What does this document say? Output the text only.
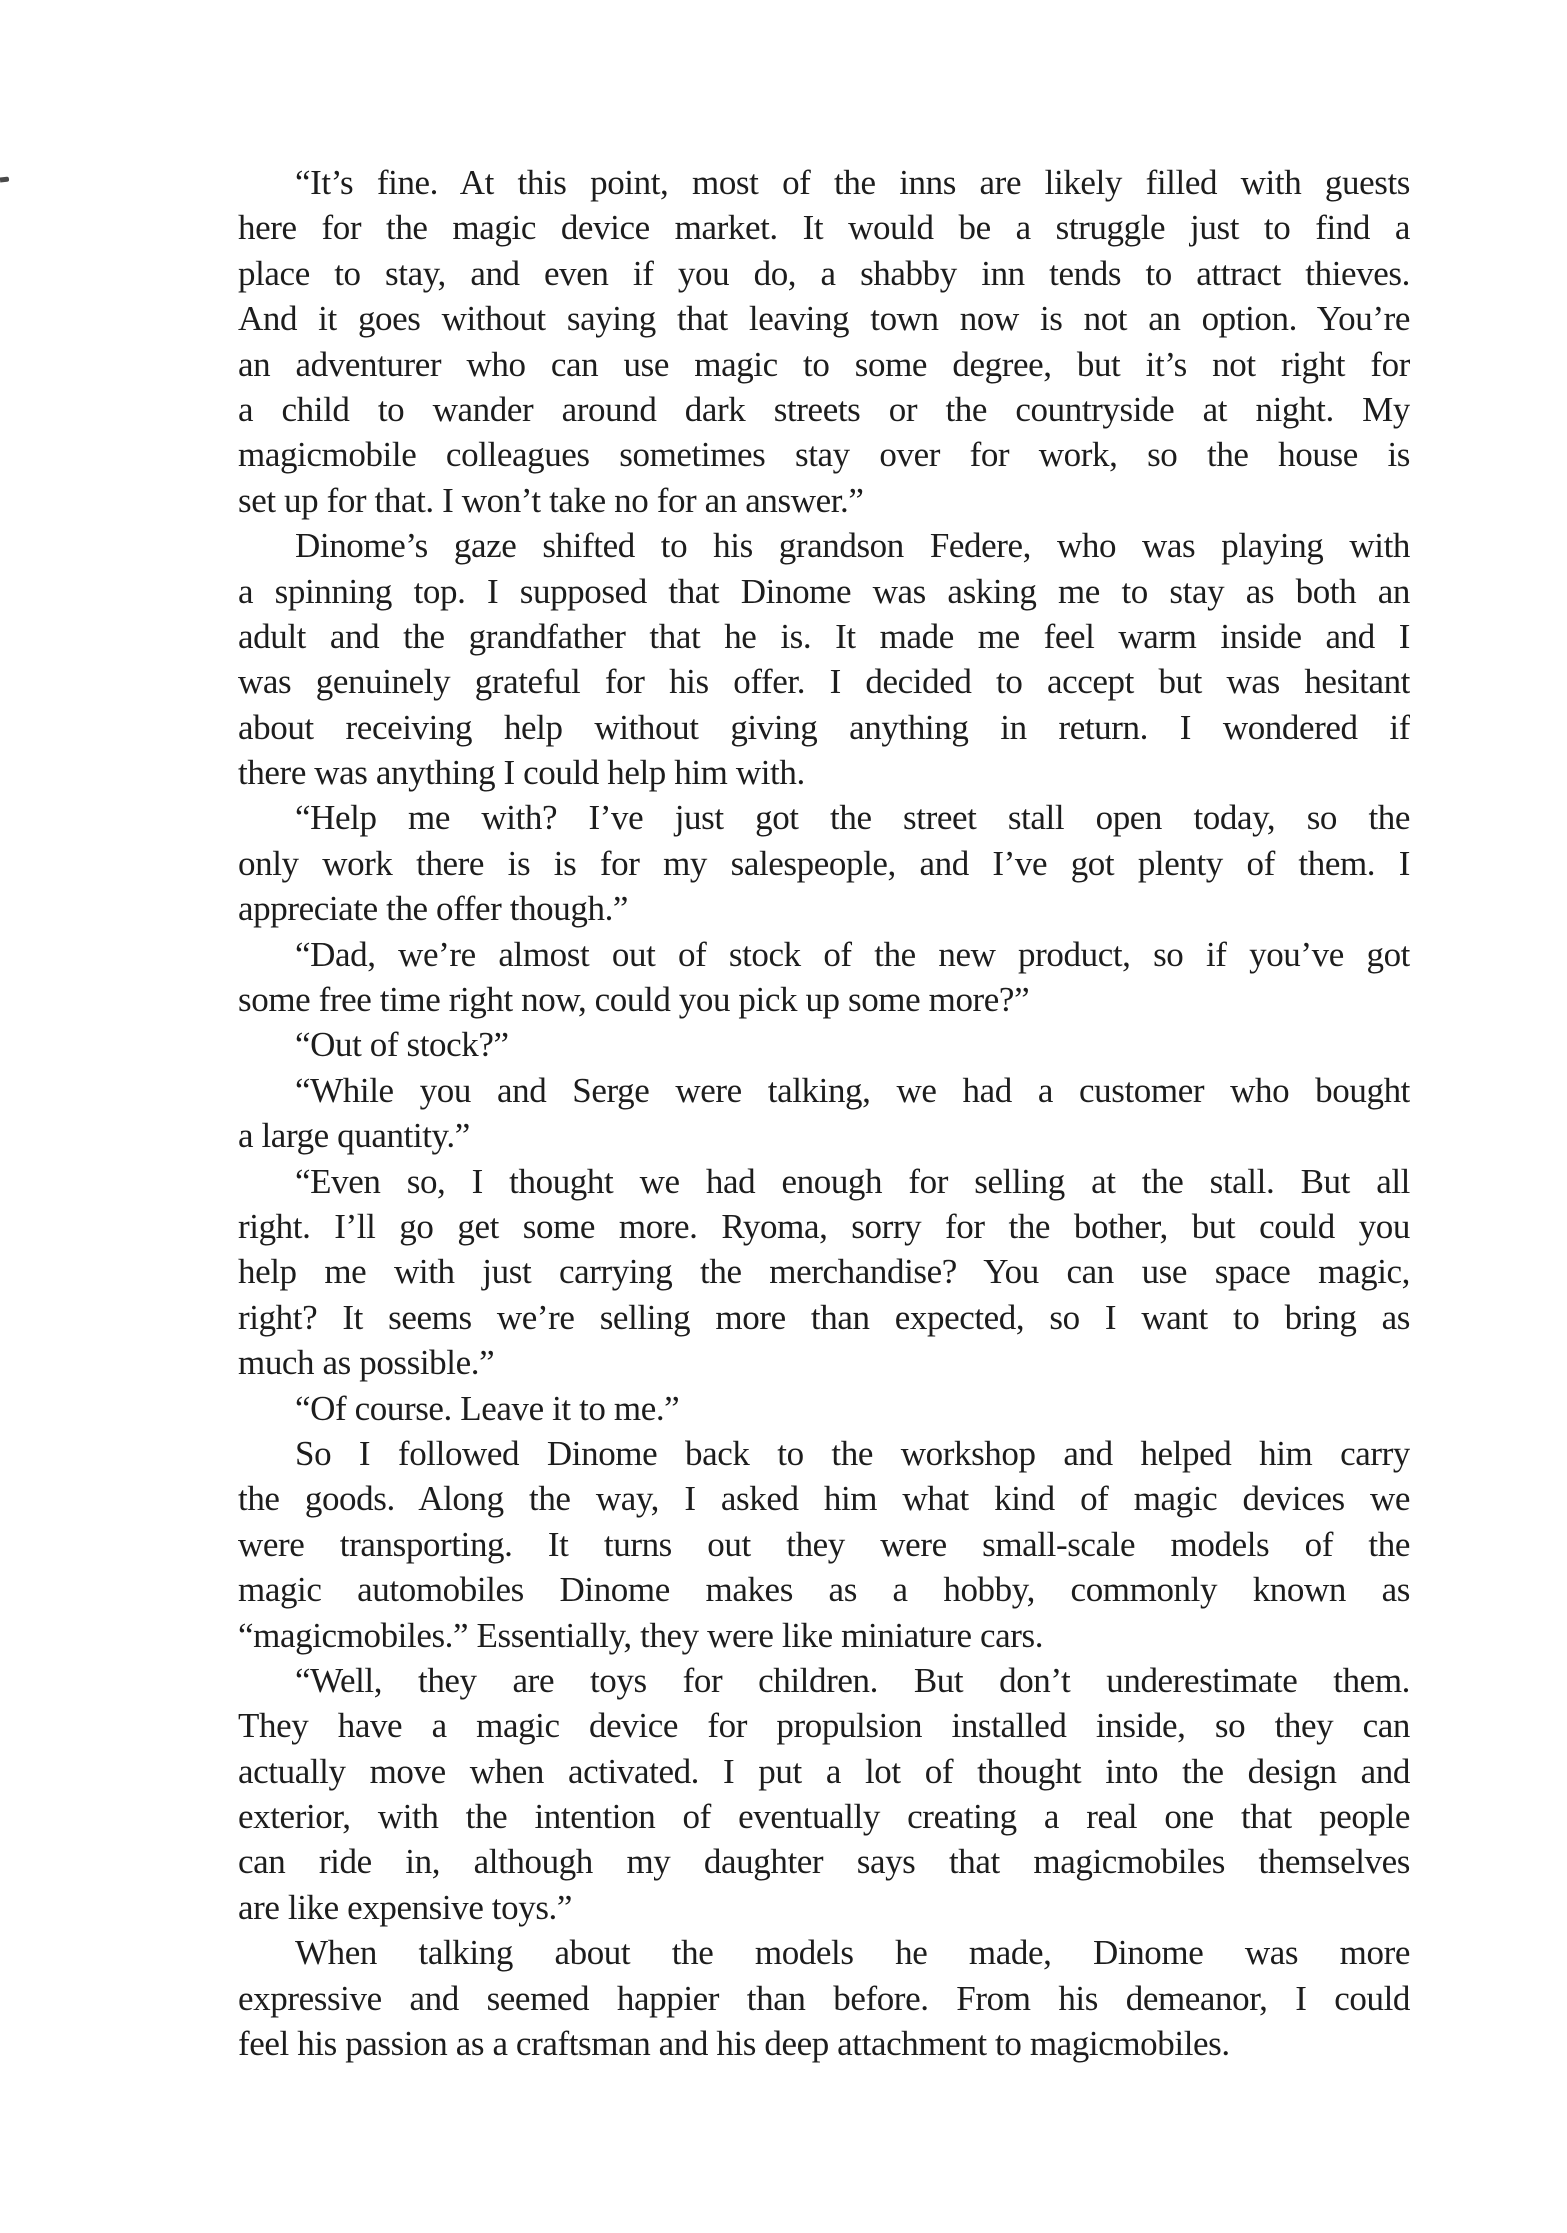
“It’s fine. At this point, most of the inns are likely filled with guests
here for the magic device market. It would be a struggle just to find a
place to stay, and even if you do, a shabby inn tends to attract thieves.
And it goes without saying that leaving town now is not an option. You’re
an adventurer who can use magic to some degree, but it’s not right for
a child to wander around dark streets or the countryside at night. My
magicmobile colleagues sometimes stay over for work, so the house is
set up for that. I won’t take no for an answer.”
Dinome’s gaze shifted to his grandson Federe, who was playing with
a spinning top. I supposed that Dinome was asking me to stay as both an
adult and the grandfather that he is. It made me feel warm inside and I
was genuinely grateful for his offer. I decided to accept but was hesitant
about receiving help without giving anything in return. I wondered if
there was anything I could help him with.
“Help me with? I’ve just got the street stall open today, so the
only work there is is for my salespeople, and I’ve got plenty of them. I
appreciate the offer though.”
“Dad, we’re almost out of stock of the new product, so if you’ve got
some free time right now, could you pick up some more?”
“Out of stock?”
“While you and Serge were talking, we had a customer who bought
a large quantity.”
“Even so, I thought we had enough for selling at the stall. But all
right. I’ll go get some more. Ryoma, sorry for the bother, but could you
help me with just carrying the merchandise? You can use space magic,
right? It seems we’re selling more than expected, so I want to bring as
much as possible.”
“Of course. Leave it to me.”
So I followed Dinome back to the workshop and helped him carry
the goods. Along the way, I asked him what kind of magic devices we
were transporting. It turns out they were small-scale models of the
magic automobiles Dinome makes as a hobby, commonly known as
“magicmobiles.” Essentially, they were like miniature cars.
“Well, they are toys for children. But don’t underestimate them.
They have a magic device for propulsion installed inside, so they can
actually move when activated. I put a lot of thought into the design and
exterior, with the intention of eventually creating a real one that people
can ride in, although my daughter says that magicmobiles themselves
are like expensive toys.”
When talking about the models he made, Dinome was more
expressive and seemed happier than before. From his demeanor, I could
feel his passion as a craftsman and his deep attachment to magicmobiles.
